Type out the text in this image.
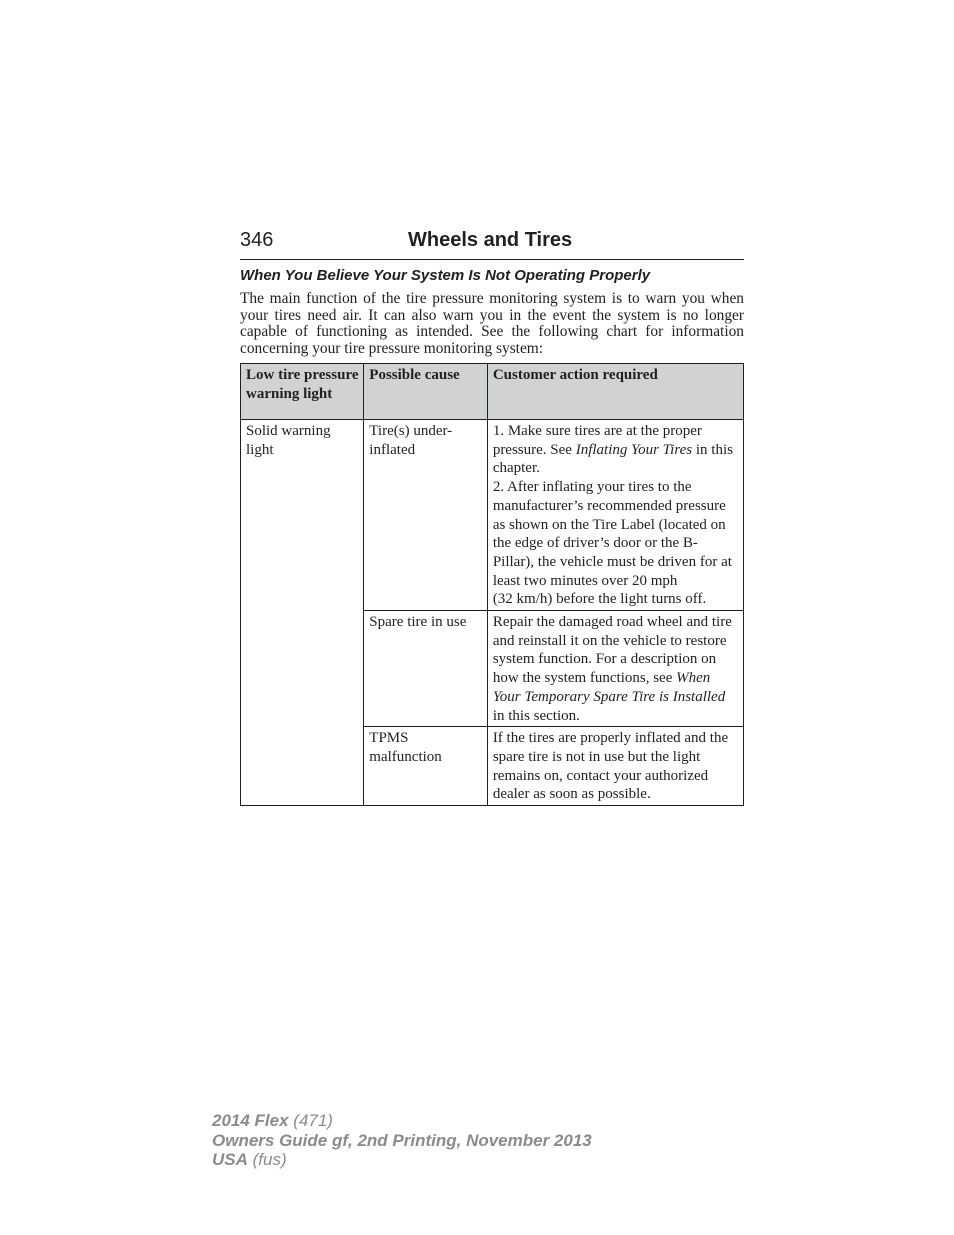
346	Wheels and Tires
When You Believe Your System Is Not Operating Properly
The main function of the tire pressure monitoring system is to warn you when your tires need air. It can also warn you in the event the system is no longer capable of functioning as intended. See the following chart for information concerning your tire pressure monitoring system:
Low tire pressure warning light	Possible cause	Customer action required
Solid warning light	Tire(s) under-inflated	1. Make sure tires are at the proper pressure. See Inflating Your Tires in this chapter.
2. After inflating your tires to the manufacturer’s recommended pressure as shown on the Tire Label (located on the edge of driver’s door or the B-Pillar), the vehicle must be driven for at least two minutes over 20 mph
(32 km/h) before the light turns off.

	Spare tire in use	Repair the damaged road wheel and tire and reinstall it on the vehicle to restore system function. For a description on how the system functions, see When Your Temporary Spare Tire is Installed in this section.
	TPMS malfunction	If the tires are properly inflated and the spare tire is not in use but the light remains on, contact your authorized dealer as soon as possible.
2014 Flex (471)
Owners Guide gf, 2nd Printing, November 2013
USA (fus)
